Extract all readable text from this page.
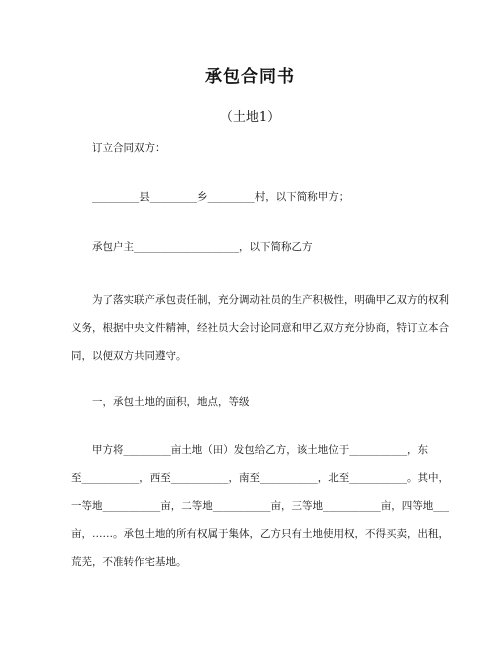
承包合同书
（土地1）

订立合同双方：

_________县_________乡_________村，以下简称甲方；

承包户主____________________，以下简称乙方

为了落实联产承包责任制，充分调动社员的生产积极性，明确甲乙双方的权利
义务，根据中央文件精神，经社员大会讨论同意和甲乙双方充分协商，特订立本合
同，以便双方共同遵守。

一，承包土地的面积，地点，等级

甲方将_________亩土地（田）发包给乙方，该土地位于___________，东
至___________，西至___________，南至___________，北至___________。其中，
一等地___________亩，二等地___________亩，三等地___________亩，四等地___
亩，……。承包土地的所有权属于集体，乙方只有土地使用权，不得买卖，出租，
荒芜，不准转作宅基地。
